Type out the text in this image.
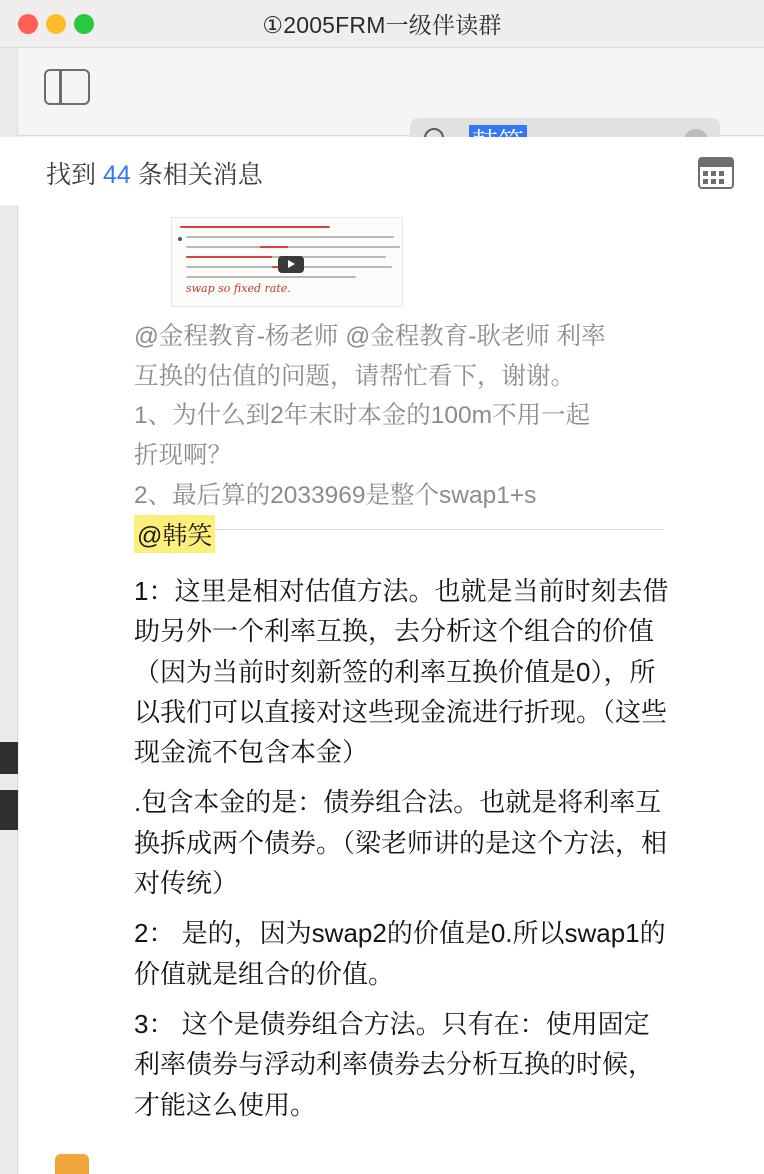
①2005FRM一级伴读群
找到 44 条相关消息
swap so fixed rate.
@金程教育-杨老师 @金程教育-耿老师 利率
互换的估值的问题，请帮忙看下，谢谢。
1、为什么到2年末时本金的100m不用一起
折现啊？
2、最后算的2033969是整个swap1+s
@韩笑
1：这里是相对估值方法。也就是当前时刻去借助另外一个利率互换，去分析这个组合的价值（因为当前时刻新签的利率互换价值是0），所以我们可以直接对这些现金流进行折现。（这些现金流不包含本金）
.包含本金的是：债券组合法。也就是将利率互换拆成两个债券。（梁老师讲的是这个方法，相对传统）
2： 是的，因为swap2的价值是0.所以swap1的价值就是组合的价值。
3： 这个是债券组合方法。只有在：使用固定利率债券与浮动利率债券去分析互换的时候，才能这么使用。
